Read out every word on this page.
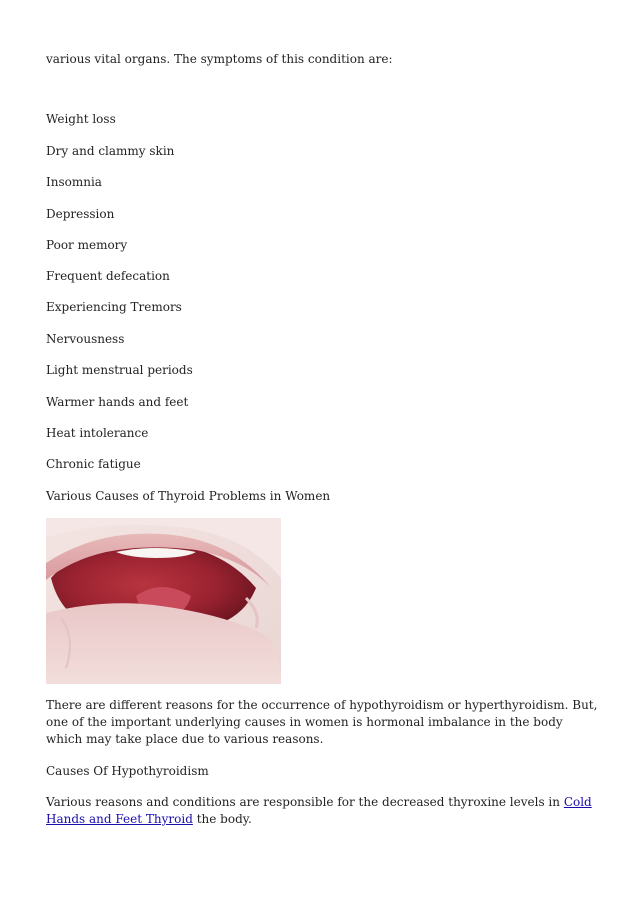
various vital organs. The symptoms of this condition are:
Weight loss
Dry and clammy skin
Insomnia
Depression
Poor memory
Frequent defecation
Experiencing Tremors
Nervousness
Light menstrual periods
Warmer hands and feet
Heat intolerance
Chronic fatigue
Various Causes of Thyroid Problems in Women
There are different reasons for the occurrence of hypothyroidism or hyperthyroidism. But, one of the important underlying causes in women is hormonal imbalance in the body which may take place due to various reasons.
Causes Of Hypothyroidism
Various reasons and conditions are responsible for the decreased thyroxine levels in Cold Hands and Feet Thyroid the body.
